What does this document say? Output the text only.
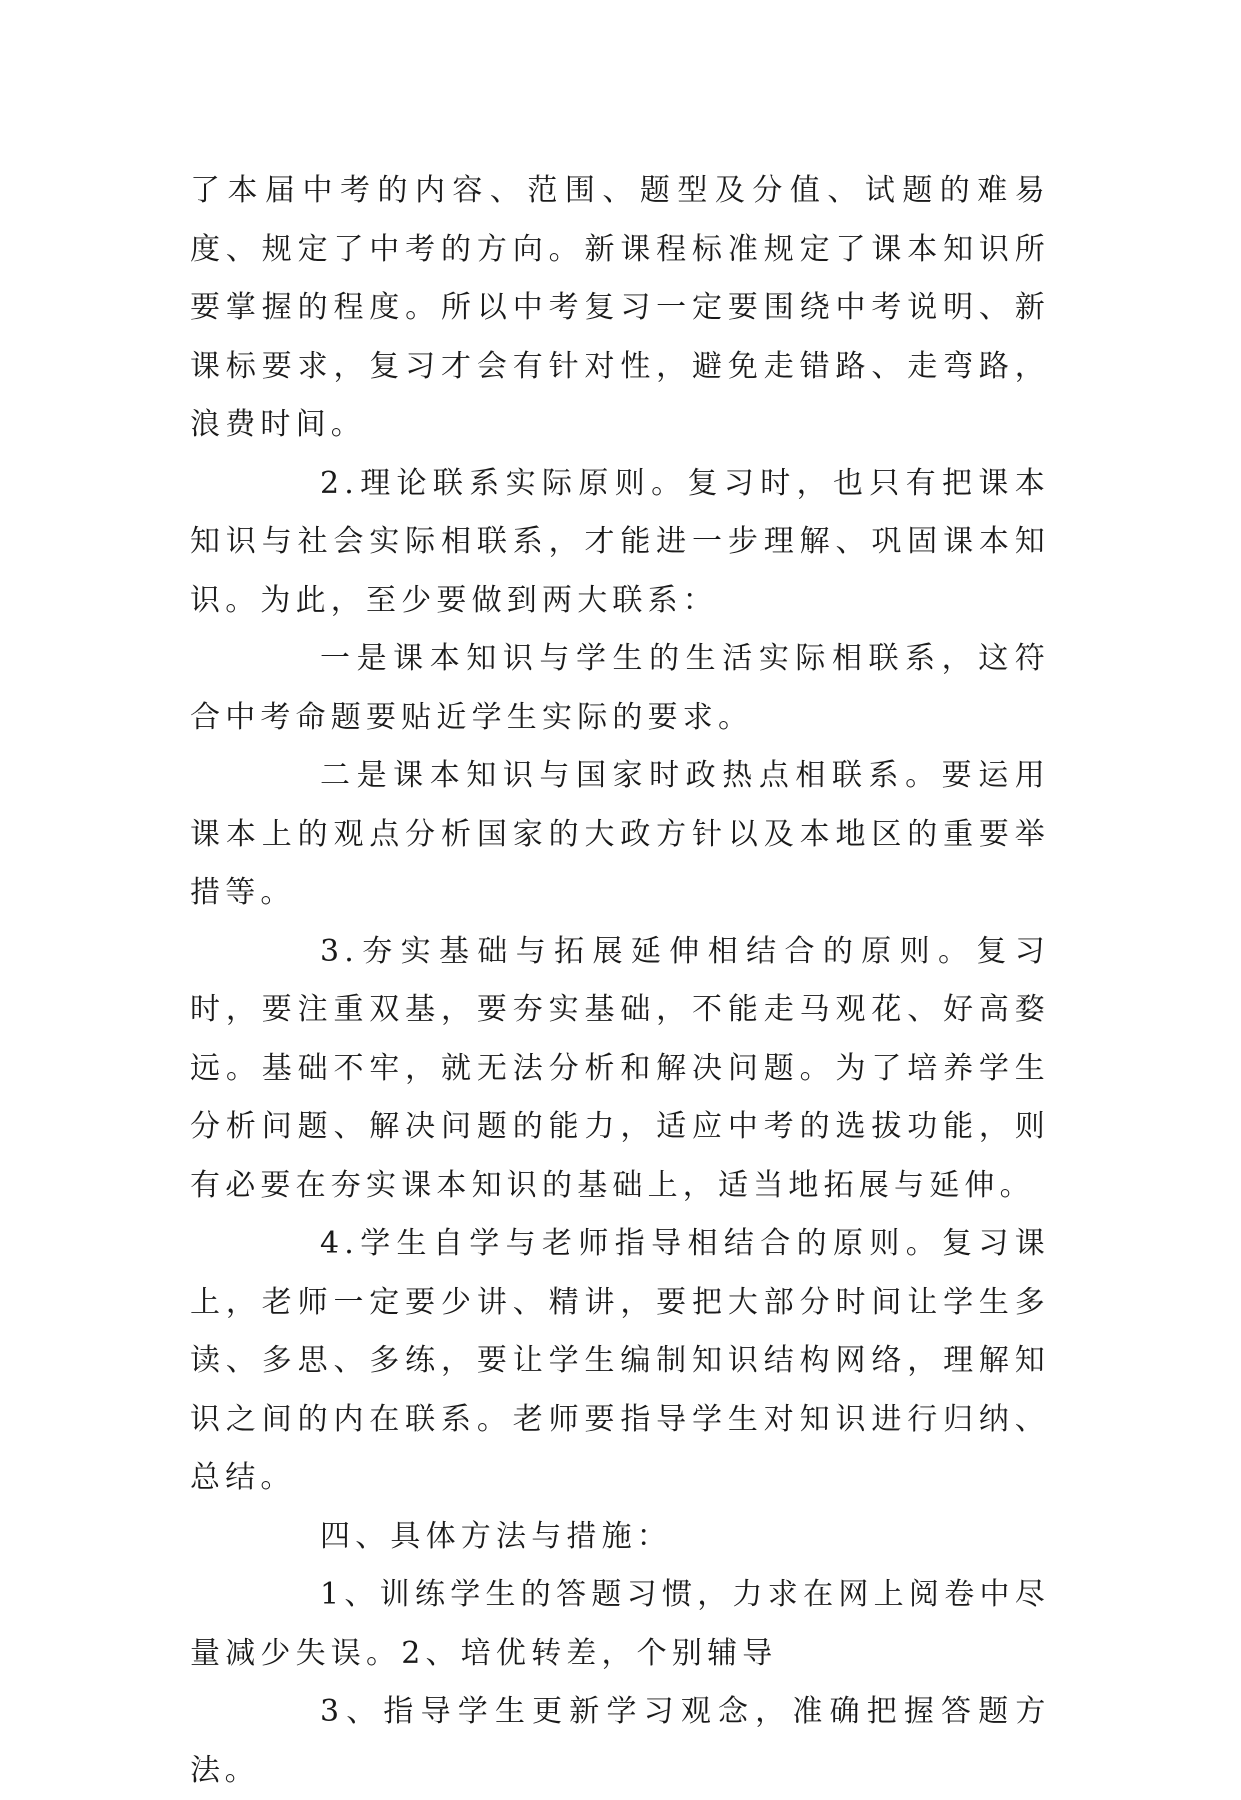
了本届中考的内容、范围、题型及分值、试题的难易度、规定了中考的方向。新课程标准规定了课本知识所要掌握的程度。所以中考复习一定要围绕中考说明、新课标要求，复习才会有针对性，避免走错路、走弯路，浪费时间。

2.理论联系实际原则。复习时，也只有把课本知识与社会实际相联系，才能进一步理解、巩固课本知识。为此，至少要做到两大联系：

一是课本知识与学生的生活实际相联系，这符合中考命题要贴近学生实际的要求。

二是课本知识与国家时政热点相联系。要运用课本上的观点分析国家的大政方针以及本地区的重要举措等。

3.夯实基础与拓展延伸相结合的原则。复习时，要注重双基，要夯实基础，不能走马观花、好高婺远。基础不牢，就无法分析和解决问题。为了培养学生分析问题、解决问题的能力，适应中考的选拔功能，则有必要在夯实课本知识的基础上，适当地拓展与延伸。

4.学生自学与老师指导相结合的原则。复习课上，老师一定要少讲、精讲，要把大部分时间让学生多读、多思、多练，要让学生编制知识结构网络，理解知识之间的内在联系。老师要指导学生对知识进行归纳、总结。

四、具体方法与措施：

1、训练学生的答题习惯，力求在网上阅卷中尽量减少失误。2、培优转差，个别辅导

3、指导学生更新学习观念，准确把握答题方法。
